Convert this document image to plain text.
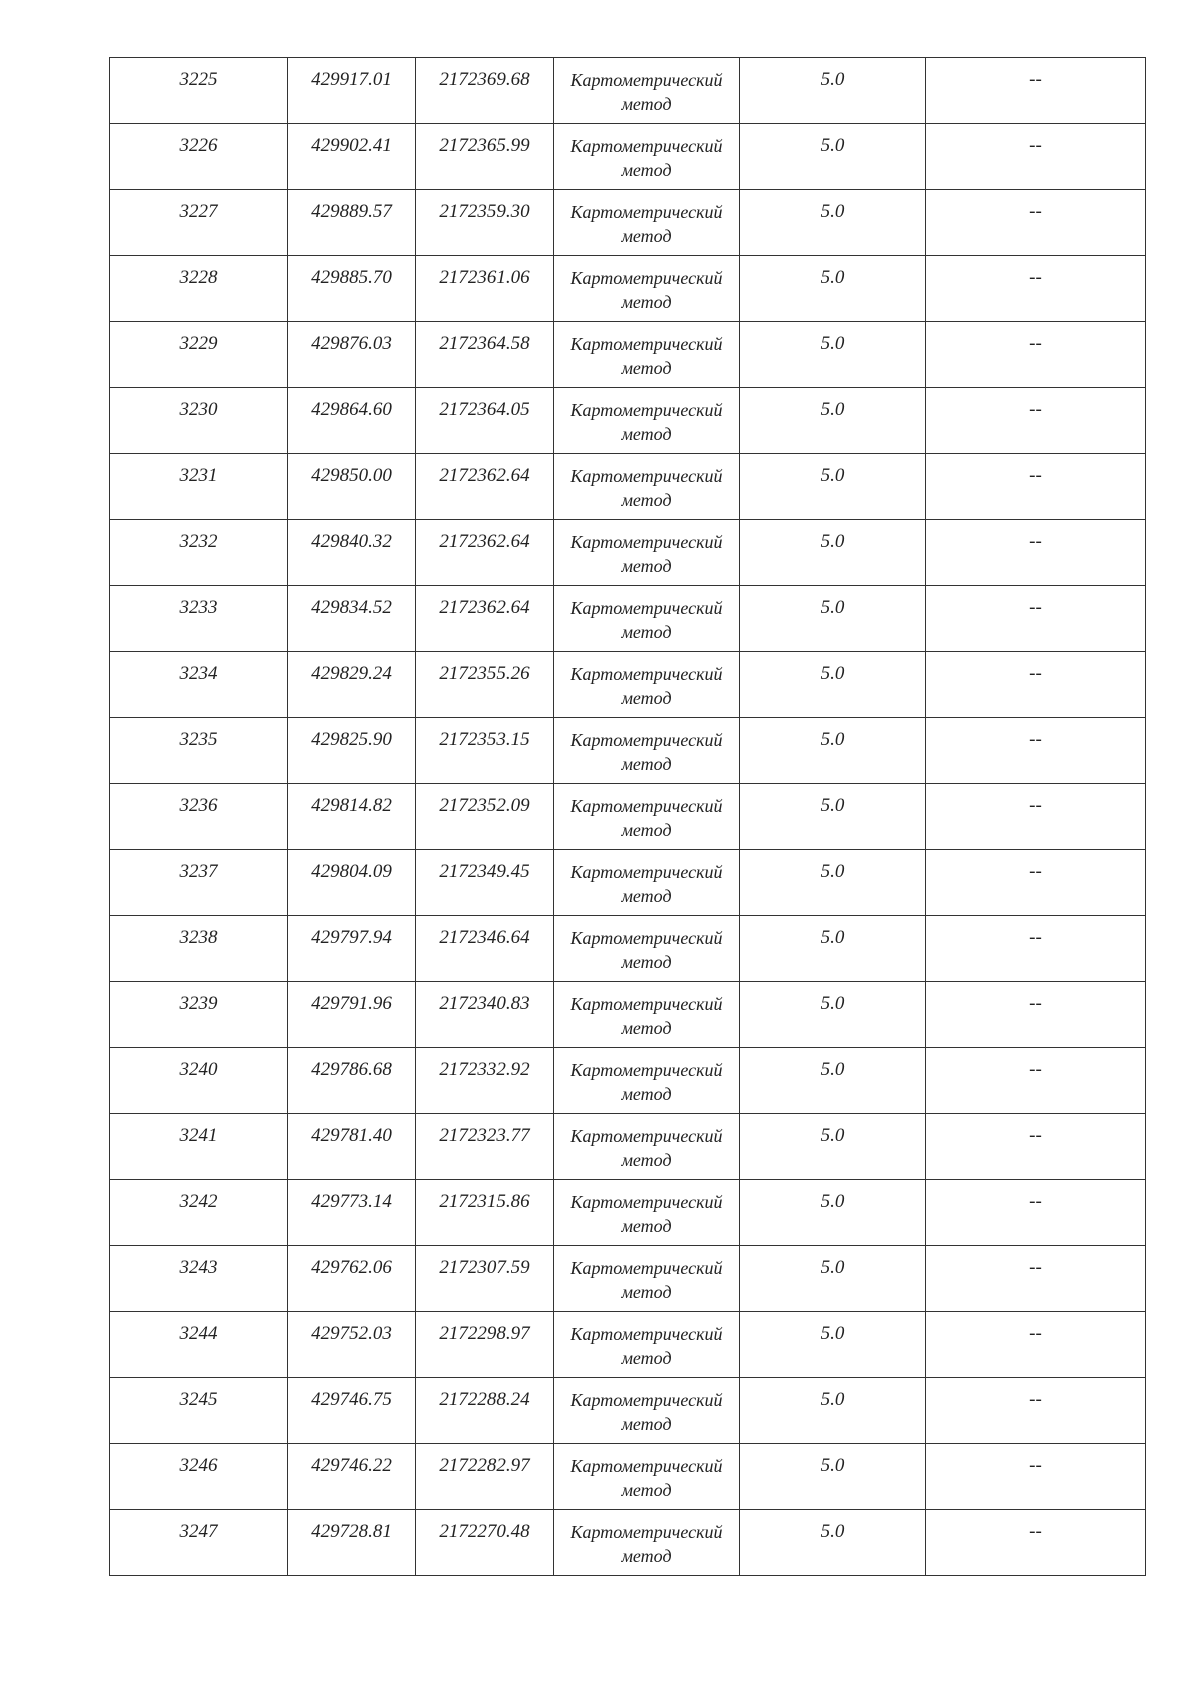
3225	429917.01	2172369.68	Картометрический метод	5.0	--
3226	429902.41	2172365.99	Картометрический метод	5.0	--
3227	429889.57	2172359.30	Картометрический метод	5.0	--
3228	429885.70	2172361.06	Картометрический метод	5.0	--
3229	429876.03	2172364.58	Картометрический метод	5.0	--
3230	429864.60	2172364.05	Картометрический метод	5.0	--
3231	429850.00	2172362.64	Картометрический метод	5.0	--
3232	429840.32	2172362.64	Картометрический метод	5.0	--
3233	429834.52	2172362.64	Картометрический метод	5.0	--
3234	429829.24	2172355.26	Картометрический метод	5.0	--
3235	429825.90	2172353.15	Картометрический метод	5.0	--
3236	429814.82	2172352.09	Картометрический метод	5.0	--
3237	429804.09	2172349.45	Картометрический метод	5.0	--
3238	429797.94	2172346.64	Картометрический метод	5.0	--
3239	429791.96	2172340.83	Картометрический метод	5.0	--
3240	429786.68	2172332.92	Картометрический метод	5.0	--
3241	429781.40	2172323.77	Картометрический метод	5.0	--
3242	429773.14	2172315.86	Картометрический метод	5.0	--
3243	429762.06	2172307.59	Картометрический метод	5.0	--
3244	429752.03	2172298.97	Картометрический метод	5.0	--
3245	429746.75	2172288.24	Картометрический метод	5.0	--
3246	429746.22	2172282.97	Картометрический метод	5.0	--
3247	429728.81	2172270.48	Картометрический метод	5.0	--
